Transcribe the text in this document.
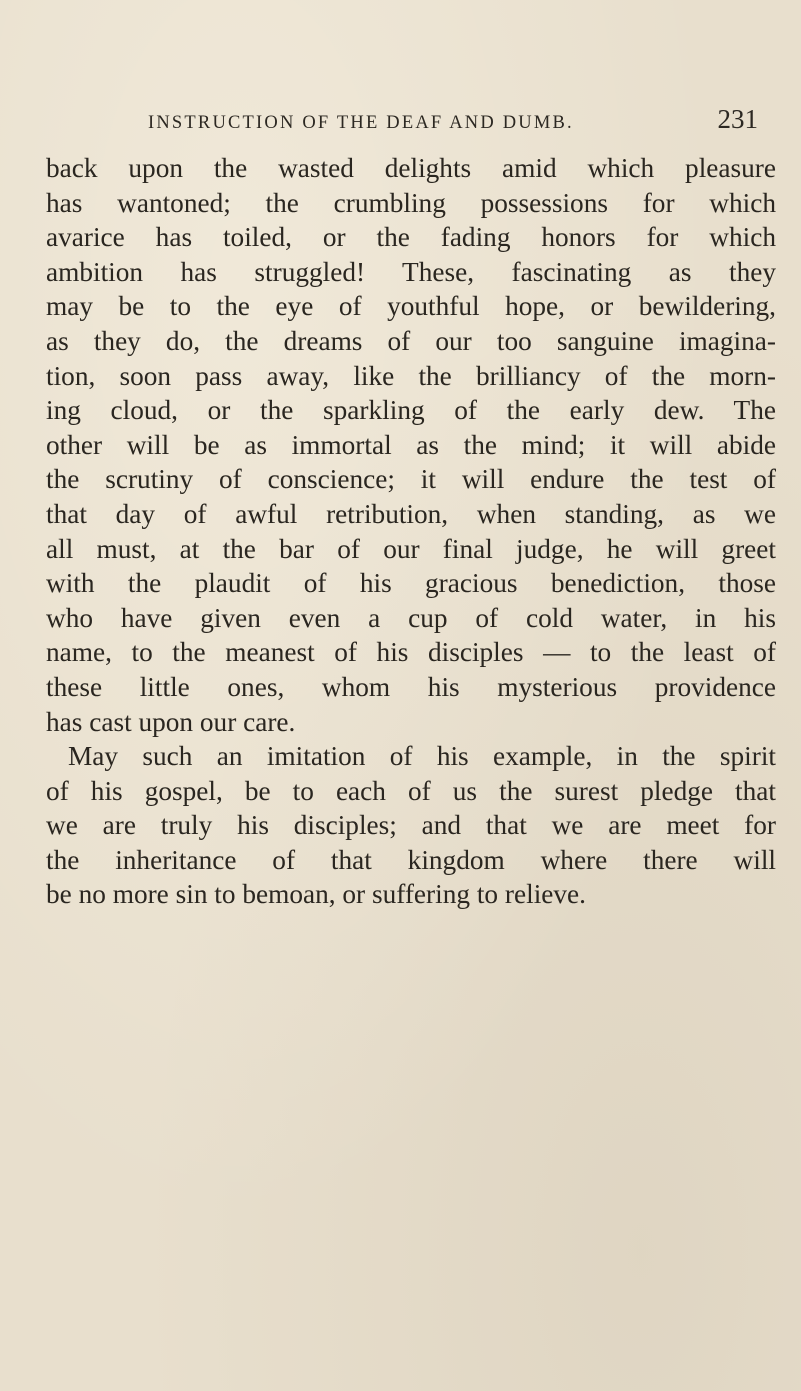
INSTRUCTION OF THE DEAF AND DUMB.	231
back upon the wasted delights amid which pleasure
has wantoned; the crumbling possessions for which
avarice has toiled, or the fading honors for which
ambition has struggled! These, fascinating as they
may be to the eye of youthful hope, or bewildering,
as they do, the dreams of our too sanguine imagina-
tion, soon pass away, like the brilliancy of the morn-
ing cloud, or the sparkling of the early dew. The
other will be as immortal as the mind; it will abide
the scrutiny of conscience; it will endure the test of
that day of awful retribution, when standing, as we
all must, at the bar of our final judge, he will greet
with the plaudit of his gracious benediction, those
who have given even a cup of cold water, in his
name, to the meanest of his disciples — to the least of
these little ones, whom his mysterious providence
has cast upon our care.
May such an imitation of his example, in the spirit
of his gospel, be to each of us the surest pledge that
we are truly his disciples; and that we are meet for
the inheritance of that kingdom where there will
be no more sin to bemoan, or suffering to relieve.
